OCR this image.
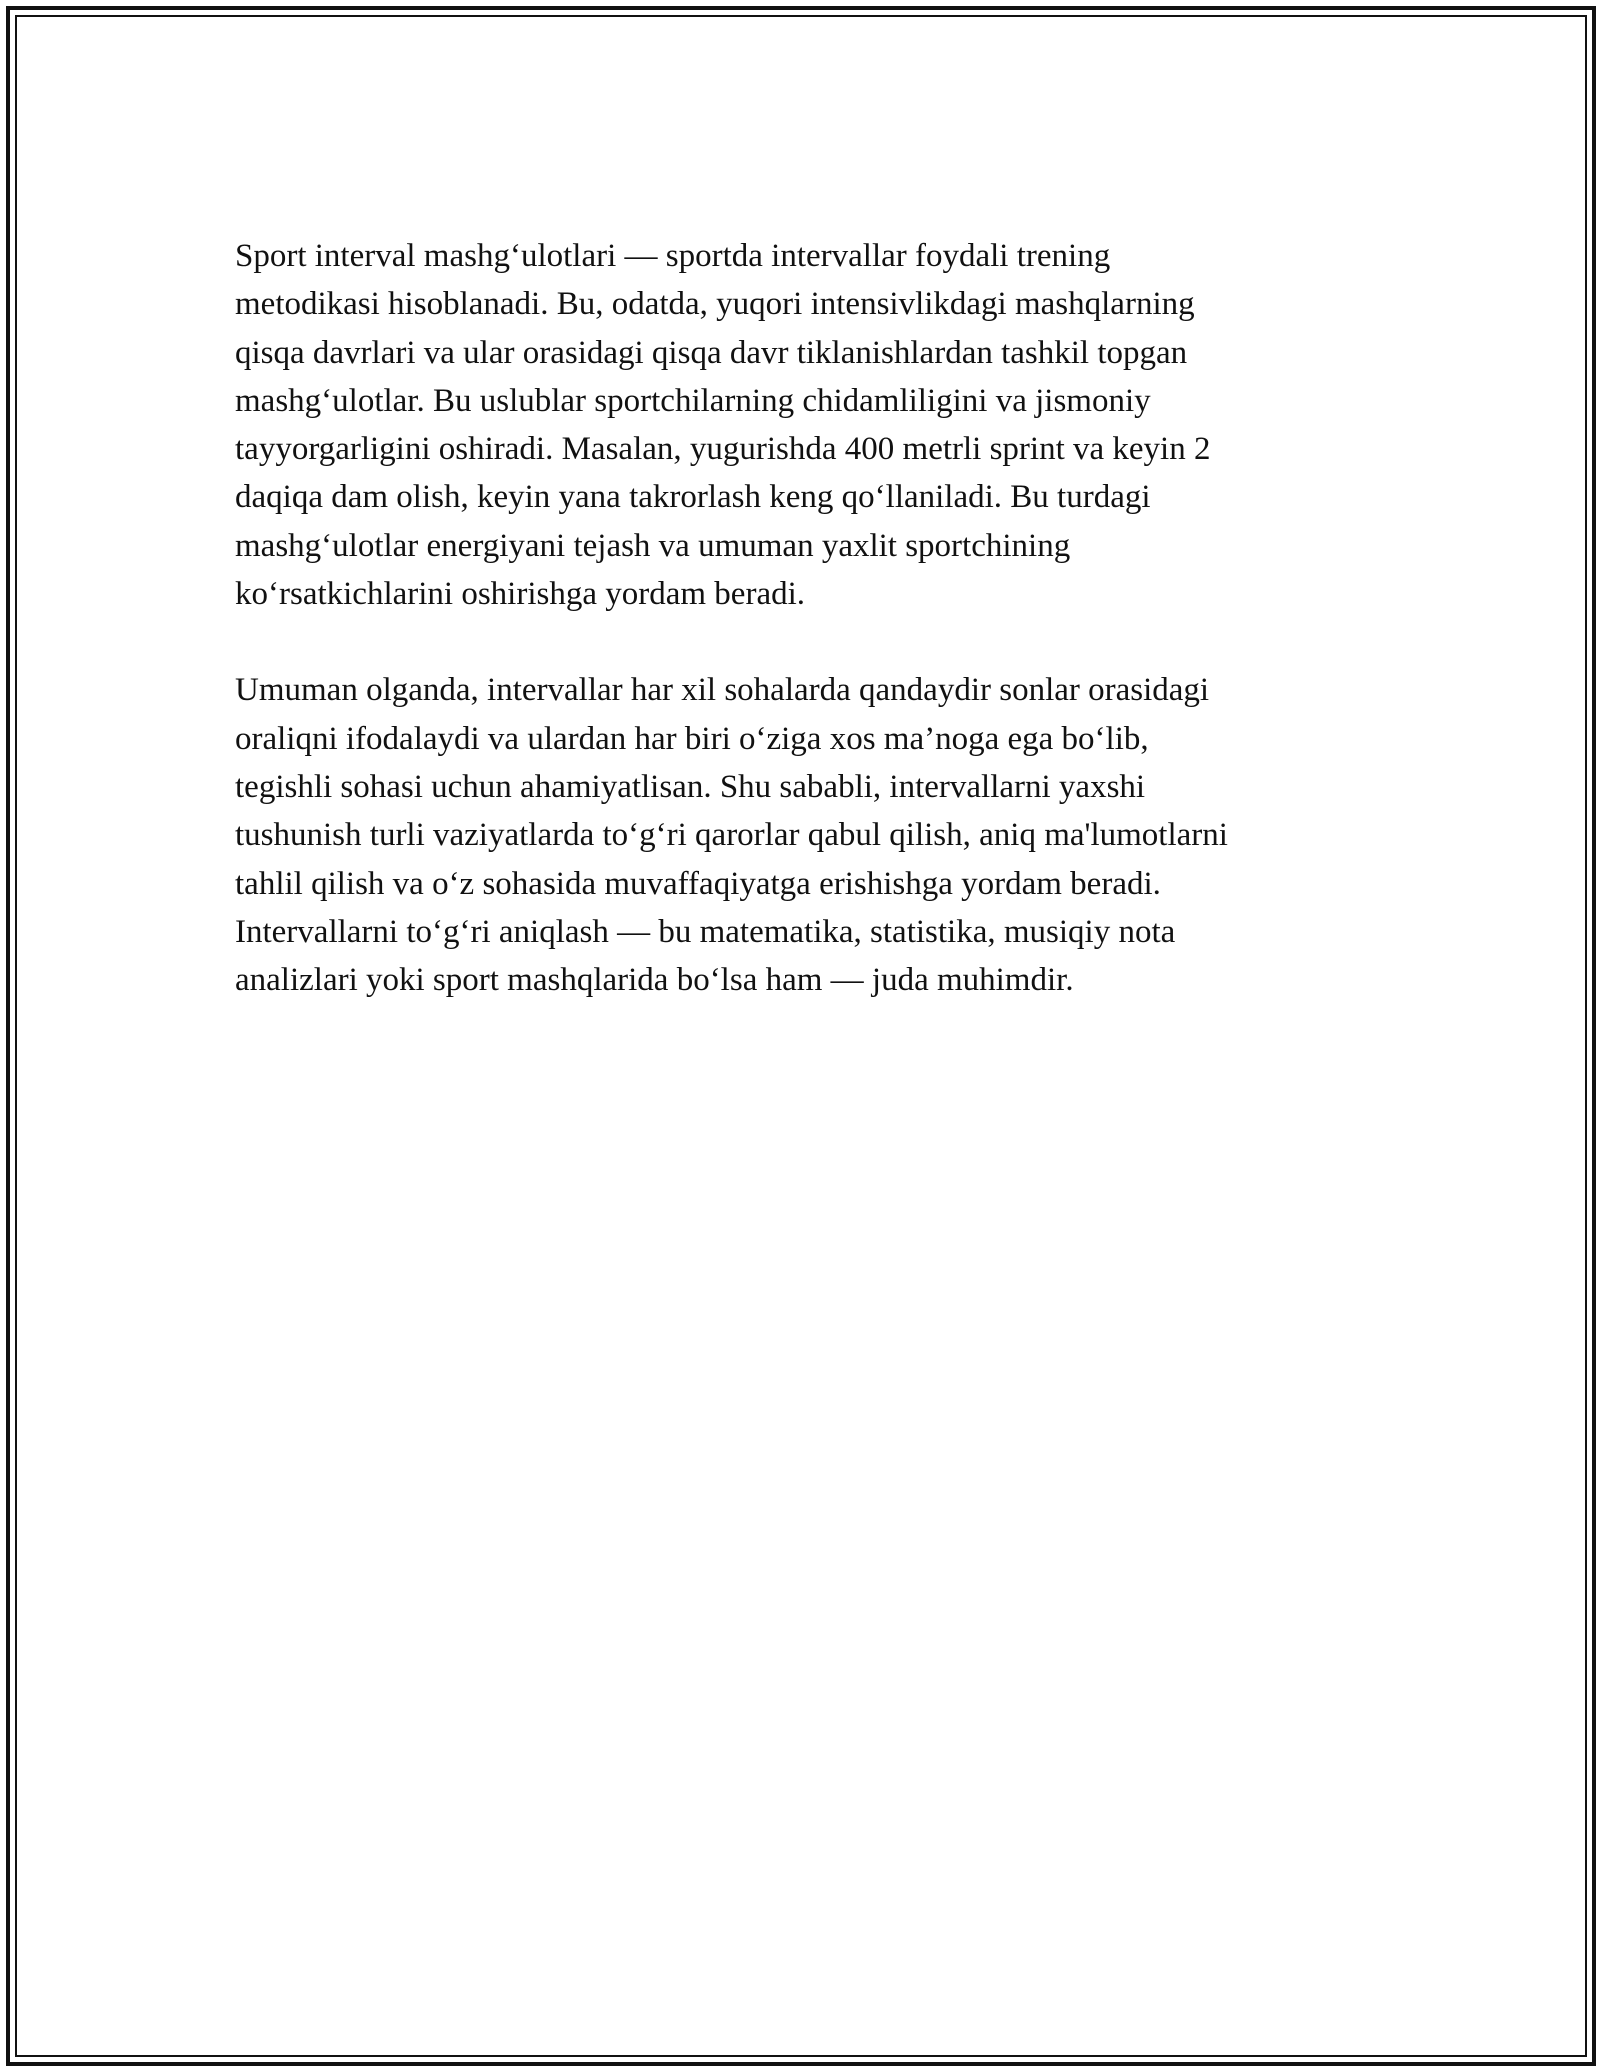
Sport interval mashg‘ulotlari — sportda intervallar foydali trening
metodikasi hisoblanadi. Bu, odatda, yuqori intensivlikdagi mashqlarning
qisqa davrlari va ular orasidagi qisqa davr tiklanishlardan tashkil topgan
mashg‘ulotlar. Bu uslublar sportchilarning chidamliligini va jismoniy
tayyorgarligini oshiradi. Masalan, yugurishda 400 metrli sprint va keyin 2
daqiqa dam olish, keyin yana takrorlash keng qo‘llaniladi. Bu turdagi
mashg‘ulotlar energiyani tejash va umuman yaxlit sportchining
ko‘rsatkichlarini oshirishga yordam beradi.

Umuman olganda, intervallar har xil sohalarda qandaydir sonlar orasidagi
oraliqni ifodalaydi va ulardan har biri o‘ziga xos ma’noga ega bo‘lib,
tegishli sohasi uchun ahamiyatlisan. Shu sababli, intervallarni yaxshi
tushunish turli vaziyatlarda to‘g‘ri qarorlar qabul qilish, aniq ma'lumotlarni
tahlil qilish va o‘z sohasida muvaffaqiyatga erishishga yordam beradi.
Intervallarni to‘g‘ri aniqlash — bu matematika, statistika, musiqiy nota
analizlari yoki sport mashqlarida bo‘lsa ham — juda muhimdir.
